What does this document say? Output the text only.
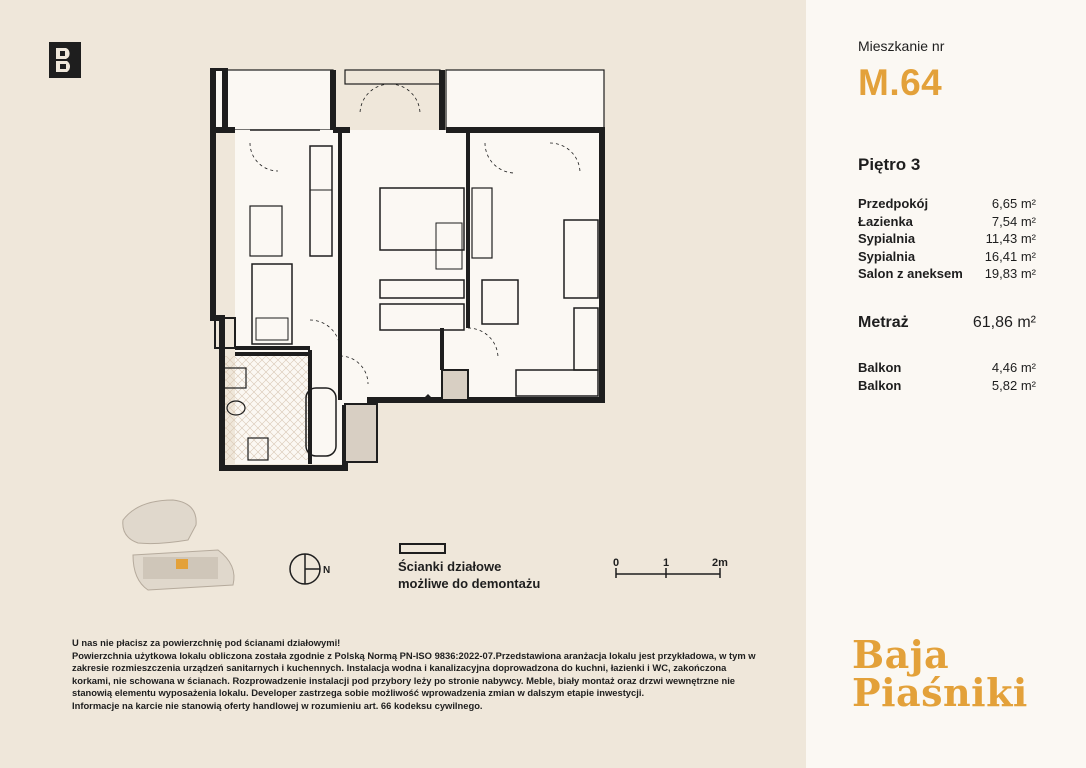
N	Ścianki działowe
możliwe do demontażu
0	1	2m

U nas nie płacisz za powierzchnię pod ścianami działowymi!

Powierzchnia użytkowa lokalu obliczona została zgodnie z Polską Normą PN-ISO 9836:2022-07.Przedstawiona aranżacja lokalu jest przykładowa, w tym w zakresie rozmieszczenia urządzeń sanitarnych i kuchennych. Instalacja wodna i kanalizacyjna doprowadzona do kuchni, łazienki i WC, zakończona korkami, nie schowana w ścianach. Rozprowadzenie instalacji pod przybory leży po stronie nabywcy. Meble, biały montaż oraz drzwi wewnętrzne nie stanowią elementu wyposażenia lokalu. Developer zastrzega sobie możliwość wprowadzenia zmian w dalszym etapie inwestycji.

Informacje na karcie nie stanowią oferty handlowej w rozumieniu art. 66 kodeksu cywilnego.

Mieszkanie nr
M.64
Piętro 3
Przedpokój	6,65 m²
Łazienka	7,54 m²
Sypialnia	11,43 m²
Sypialnia	16,41 m²
Salon z aneksem 19,83 m²
Metraż	61,86 m²
Balkon	4,46 m²
Balkon	5,82 m²
Baja
Piaśniki
